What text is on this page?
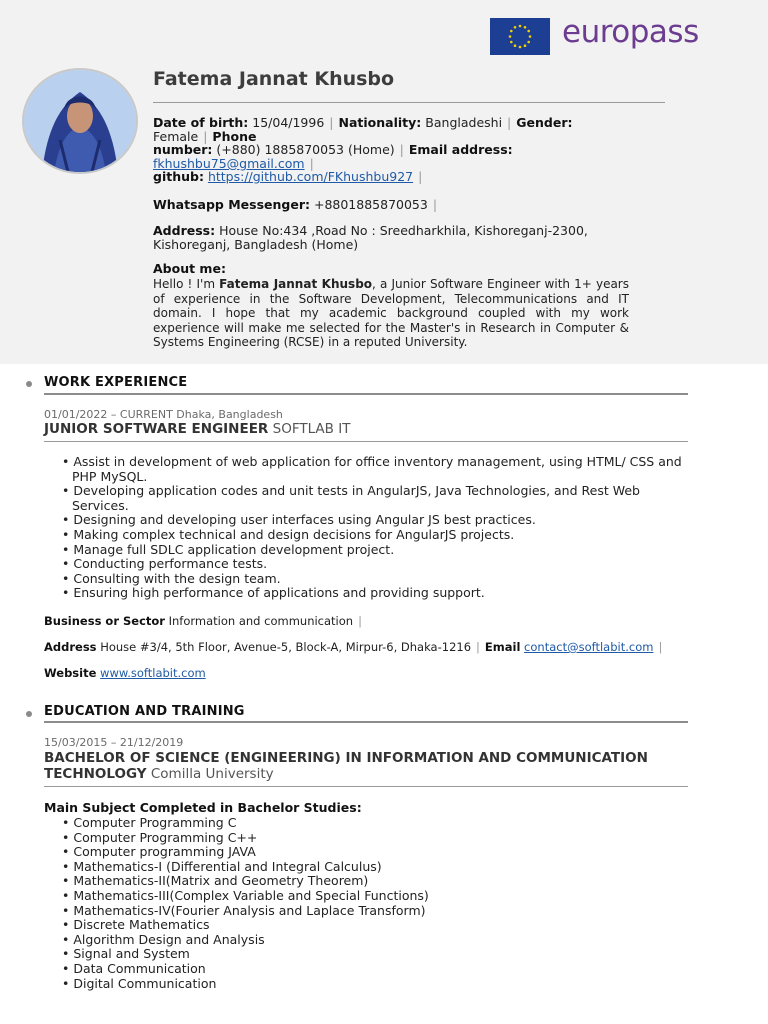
europass
Fatema Jannat Khusbo
Date of birth: 15/04/1996 | Nationality: Bangladeshi | Gender: Female | Phone
number: (+880) 1885870053 (Home) | Email address: fkhushbu75@gmail.com |
github: https://github.com/FKhushbu927 |
Whatsapp Messenger: +8801885870053 |
Address: House No:434 ,Road No : Sreedharkhila, Kishoreganj-2300,
Kishoreganj, Bangladesh (Home)
About me:
Hello ! I'm Fatema Jannat Khusbo, a Junior Software Engineer with 1+ years of experience in the Software Development, Telecommunications and IT domain. I hope that my academic background coupled with my work experience will make me selected for the Master's in Research in Computer & Systems Engineering (RCSE) in a reputed University.
WORK EXPERIENCE
01/01/2022 – CURRENT Dhaka, Bangladesh
JUNIOR SOFTWARE ENGINEER SOFTLAB IT
• Assist in development of web application for office inventory management, using HTML/ CSS and PHP MySQL.
• Developing application codes and unit tests in AngularJS, Java Technologies, and Rest Web Services.
• Designing and developing user interfaces using Angular JS best practices.
• Making complex technical and design decisions for AngularJS projects.
• Manage full SDLC application development project.
• Conducting performance tests.
• Consulting with the design team.
• Ensuring high performance of applications and providing support.
Business or Sector Information and communication |
Address House #3/4, 5th Floor, Avenue-5, Block-A, Mirpur-6, Dhaka-1216 | Email contact@softlabit.com |
Website www.softlabit.com
EDUCATION AND TRAINING
15/03/2015 – 21/12/2019
BACHELOR OF SCIENCE (ENGINEERING) IN INFORMATION AND COMMUNICATION
TECHNOLOGY Comilla University
Main Subject Completed in Bachelor Studies:
• Computer Programming C
• Computer Programming C++
• Computer programming JAVA
• Mathematics-I (Differential and Integral Calculus)
• Mathematics-II(Matrix and Geometry Theorem)
• Mathematics-III(Complex Variable and Special Functions)
• Mathematics-IV(Fourier Analysis and Laplace Transform)
• Discrete Mathematics
• Algorithm Design and Analysis
• Signal and System
• Data Communication
• Digital Communication
